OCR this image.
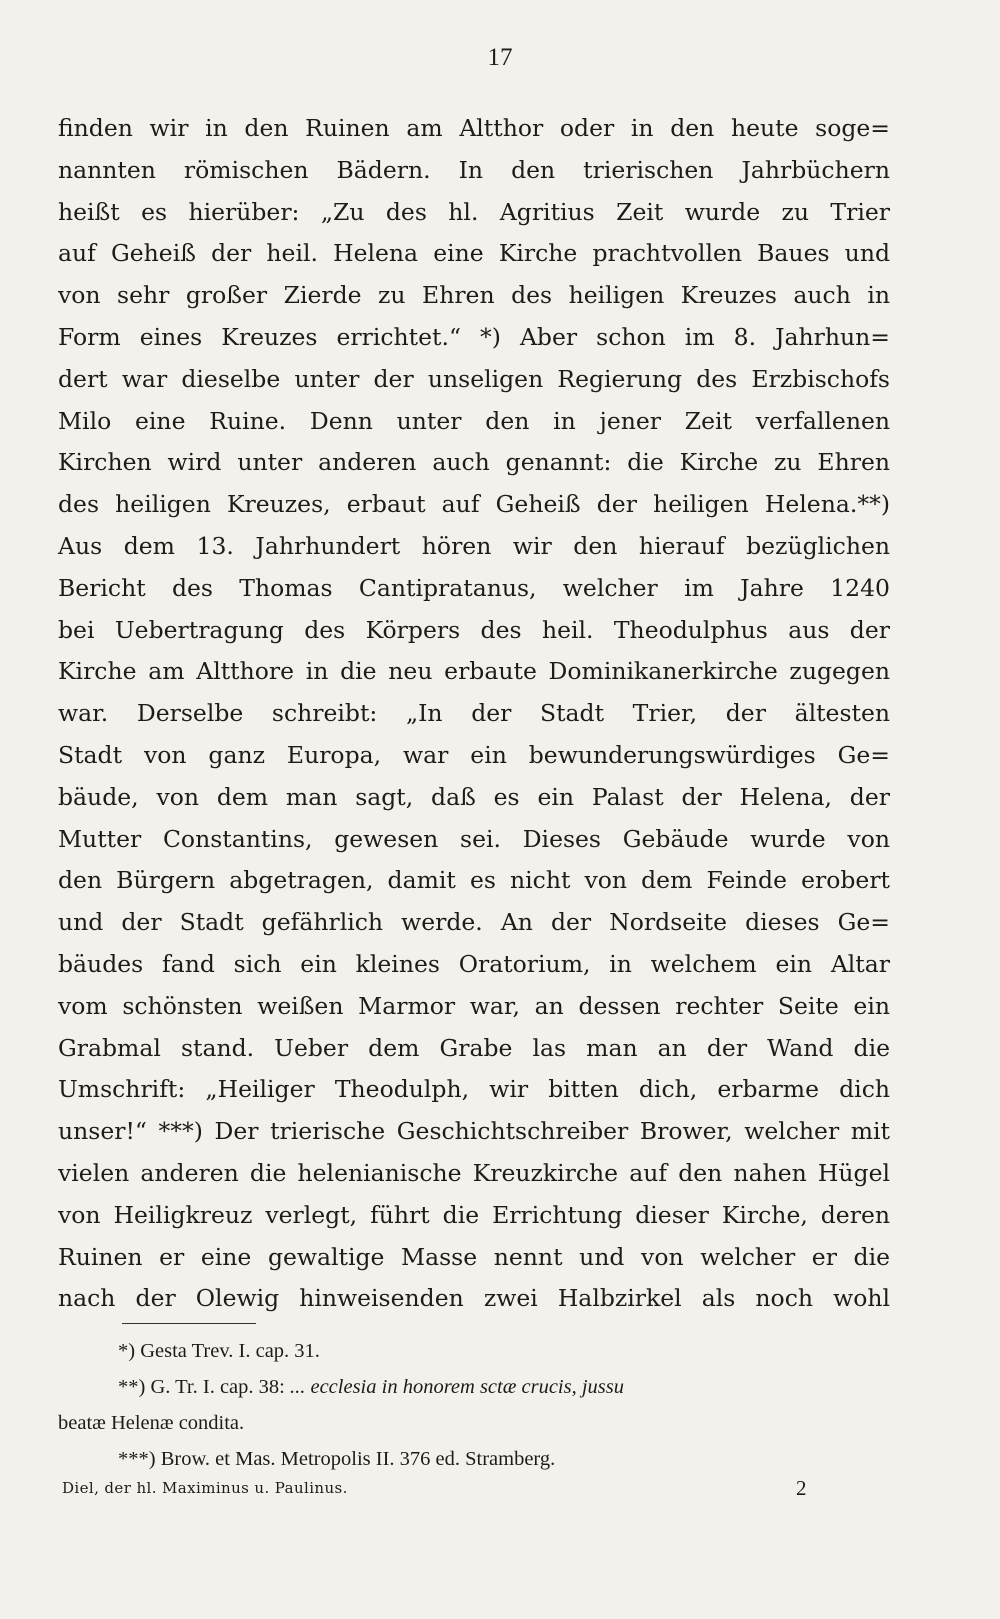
17
finden wir in den Ruinen am Altthor oder in den heute soge=
nannten römischen Bädern. In den trierischen Jahrbüchern
heißt es hierüber: „Zu des hl. Agritius Zeit wurde zu Trier
auf Geheiß der heil. Helena eine Kirche prachtvollen Baues und
von sehr großer Zierde zu Ehren des heiligen Kreuzes auch in
Form eines Kreuzes errichtet.“ *) Aber schon im 8. Jahrhun=
dert war dieselbe unter der unseligen Regierung des Erzbischofs
Milo eine Ruine. Denn unter den in jener Zeit verfallenen
Kirchen wird unter anderen auch genannt: die Kirche zu Ehren
des heiligen Kreuzes, erbaut auf Geheiß der heiligen Helena.**)
Aus dem 13. Jahrhundert hören wir den hierauf bezüglichen
Bericht des Thomas Cantipratanus, welcher im Jahre 1240
bei Uebertragung des Körpers des heil. Theodulphus aus der
Kirche am Altthore in die neu erbaute Dominikanerkirche zugegen
war. Derselbe schreibt: „In der Stadt Trier, der ältesten
Stadt von ganz Europa, war ein bewunderungswürdiges Ge=
bäude, von dem man sagt, daß es ein Palast der Helena, der
Mutter Constantins, gewesen sei. Dieses Gebäude wurde von
den Bürgern abgetragen, damit es nicht von dem Feinde erobert
und der Stadt gefährlich werde. An der Nordseite dieses Ge=
bäudes fand sich ein kleines Oratorium, in welchem ein Altar
vom schönsten weißen Marmor war, an dessen rechter Seite ein
Grabmal stand. Ueber dem Grabe las man an der Wand die
Umschrift: „Heiliger Theodulph, wir bitten dich, erbarme dich
unser!“ ***) Der trierische Geschichtschreiber Brower, welcher mit
vielen anderen die helenianische Kreuzkirche auf den nahen Hügel
von Heiligkreuz verlegt, führt die Errichtung dieser Kirche, deren
Ruinen er eine gewaltige Masse nennt und von welcher er die
nach der Olewig hinweisenden zwei Halbzirkel als noch wohl
*) Gesta Trev. I. cap. 31.
**) G. Tr. I. cap. 38: ... ecclesia in honorem sctæ crucis, jussu
beatæ Helenæ condita.
***) Brow. et Mas. Metropolis II. 376 ed. Stramberg.
Diel, der hl. Maximinus u. Paulinus.	2
